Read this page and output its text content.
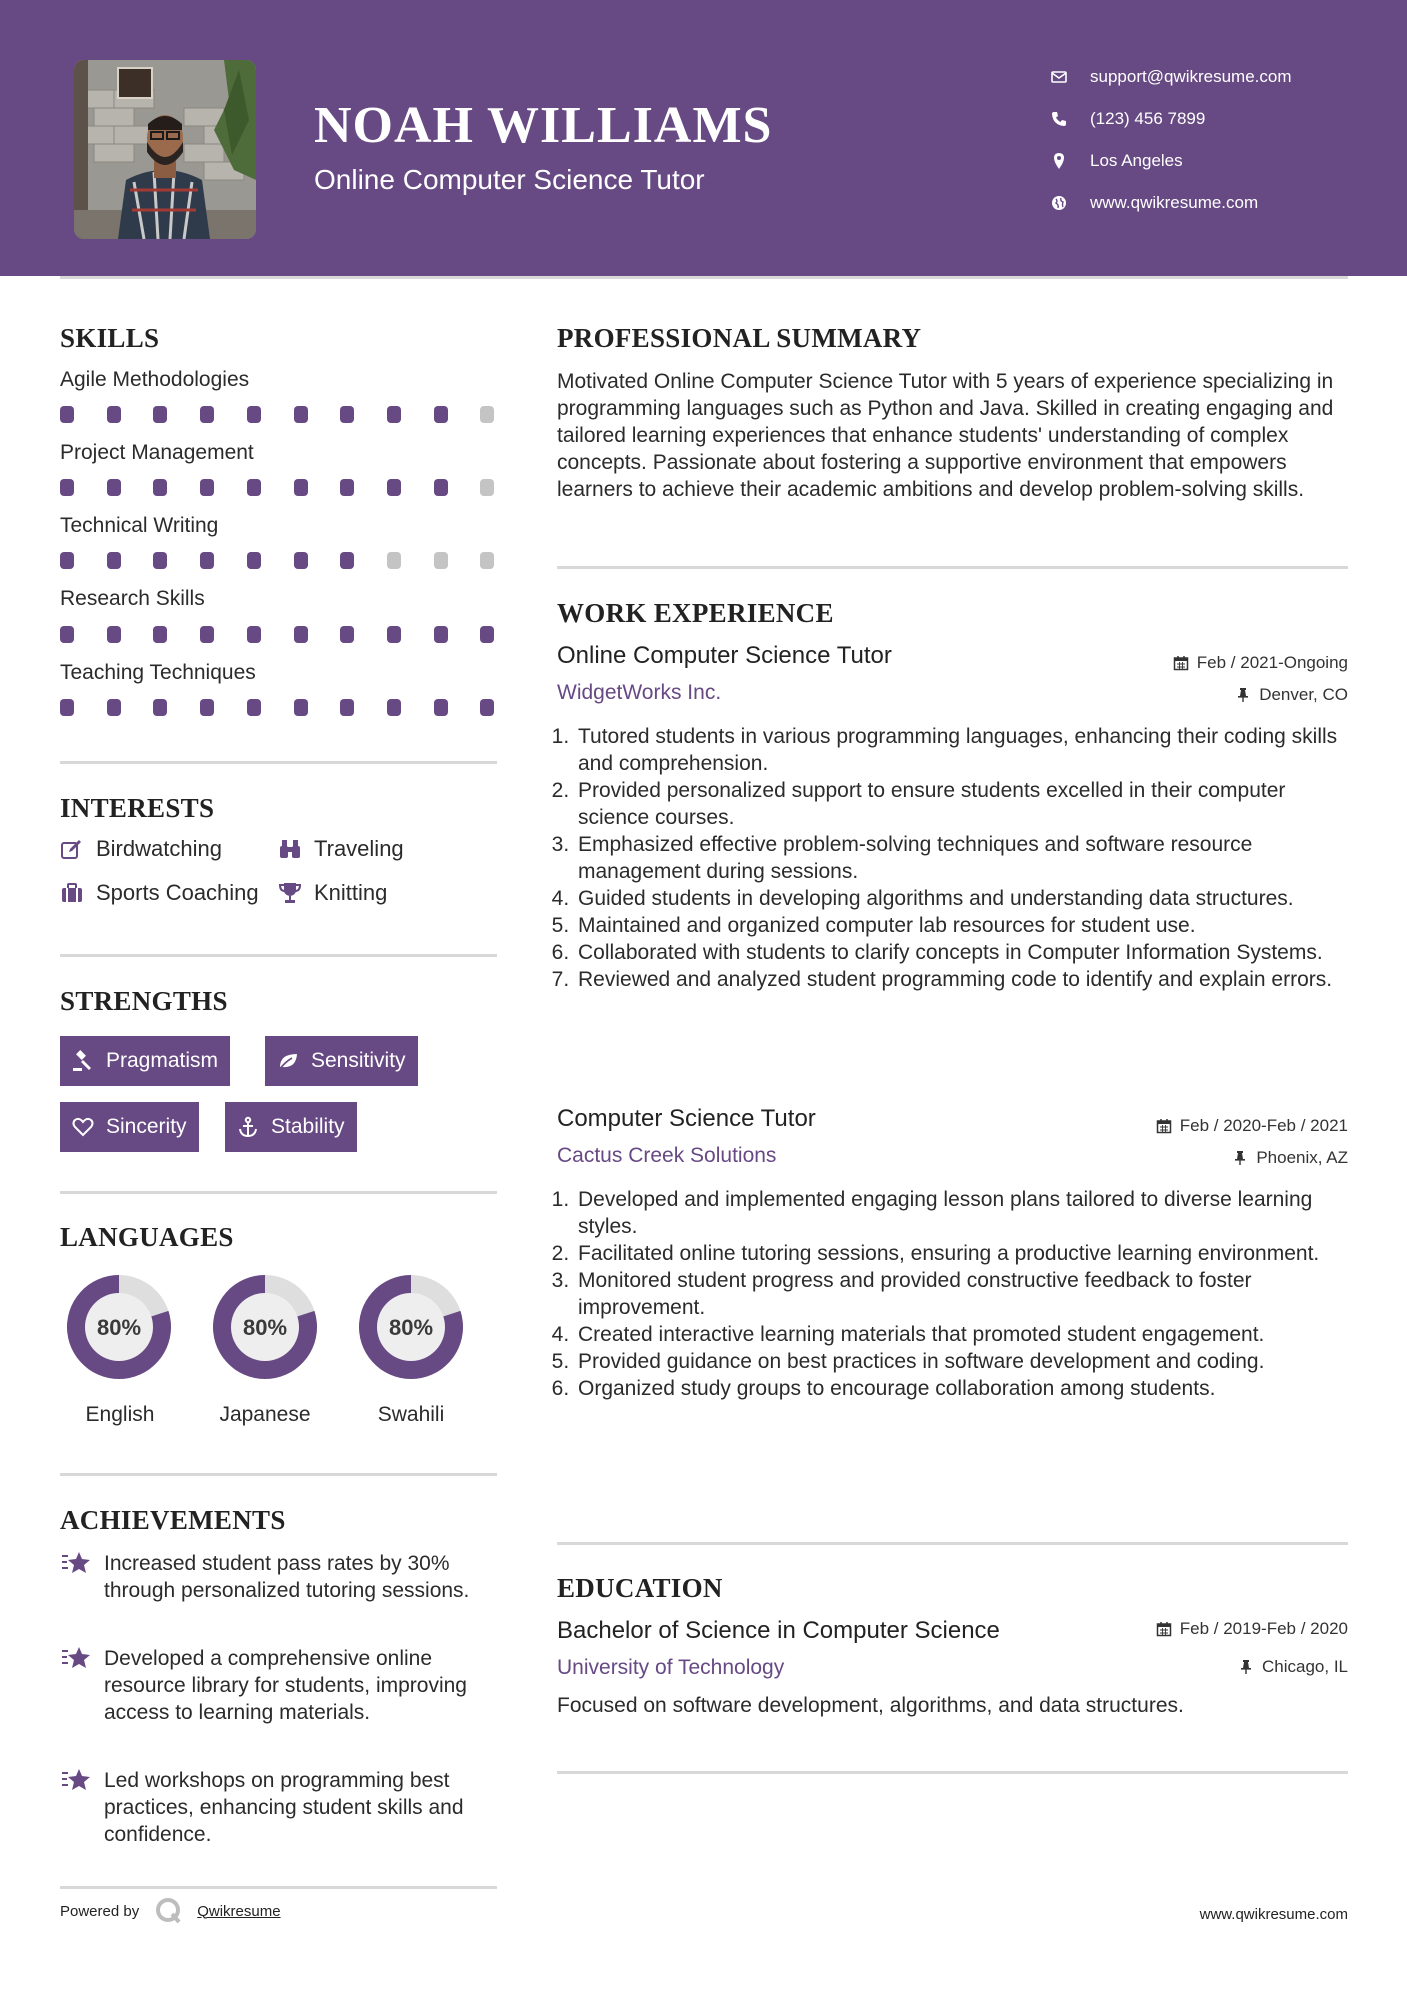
NOAH WILLIAMS
Online Computer Science Tutor
support@qwikresume.com
(123) 456 7899
Los Angeles
www.qwikresume.com
SKILLS
Agile Methodologies
Project Management
Technical Writing
Research Skills
Teaching Techniques
INTERESTS
Birdwatching	Traveling
Sports Coaching	Knitting
STRENGTHS
Pragmatism	Sensitivity
Sincerity	Stability
LANGUAGES
80%
English
80%
Japanese
80%
Swahili
ACHIEVEMENTS
Increased student pass rates by 30% through personalized tutoring sessions.
Developed a comprehensive online resource library for students, improving access to learning materials.
Led workshops on programming best practices, enhancing student skills and confidence.
PROFESSIONAL SUMMARY
Motivated Online Computer Science Tutor with 5 years of experience specializing in programming languages such as Python and Java. Skilled in creating engaging and tailored learning experiences that enhance students' understanding of complex concepts. Passionate about fostering a supportive environment that empowers learners to achieve their academic ambitions and develop problem-solving skills.
WORK EXPERIENCE
Online Computer Science Tutor	Feb / 2021-Ongoing
WidgetWorks Inc.	Denver, CO
1. Tutored students in various programming languages, enhancing their coding skills and comprehension.
2. Provided personalized support to ensure students excelled in their computer science courses.
3. Emphasized effective problem-solving techniques and software resource management during sessions.
4. Guided students in developing algorithms and understanding data structures.
5. Maintained and organized computer lab resources for student use.
6. Collaborated with students to clarify concepts in Computer Information Systems.
7. Reviewed and analyzed student programming code to identify and explain errors.
Computer Science Tutor	Feb / 2020-Feb / 2021
Cactus Creek Solutions	Phoenix, AZ
1. Developed and implemented engaging lesson plans tailored to diverse learning styles.
2. Facilitated online tutoring sessions, ensuring a productive learning environment.
3. Monitored student progress and provided constructive feedback to foster improvement.
4. Created interactive learning materials that promoted student engagement.
5. Provided guidance on best practices in software development and coding.
6. Organized study groups to encourage collaboration among students.
EDUCATION
Bachelor of Science in Computer Science	Feb / 2019-Feb / 2020
University of Technology	Chicago, IL
Focused on software development, algorithms, and data structures.
Powered by	Qwikresume	www.qwikresume.com
